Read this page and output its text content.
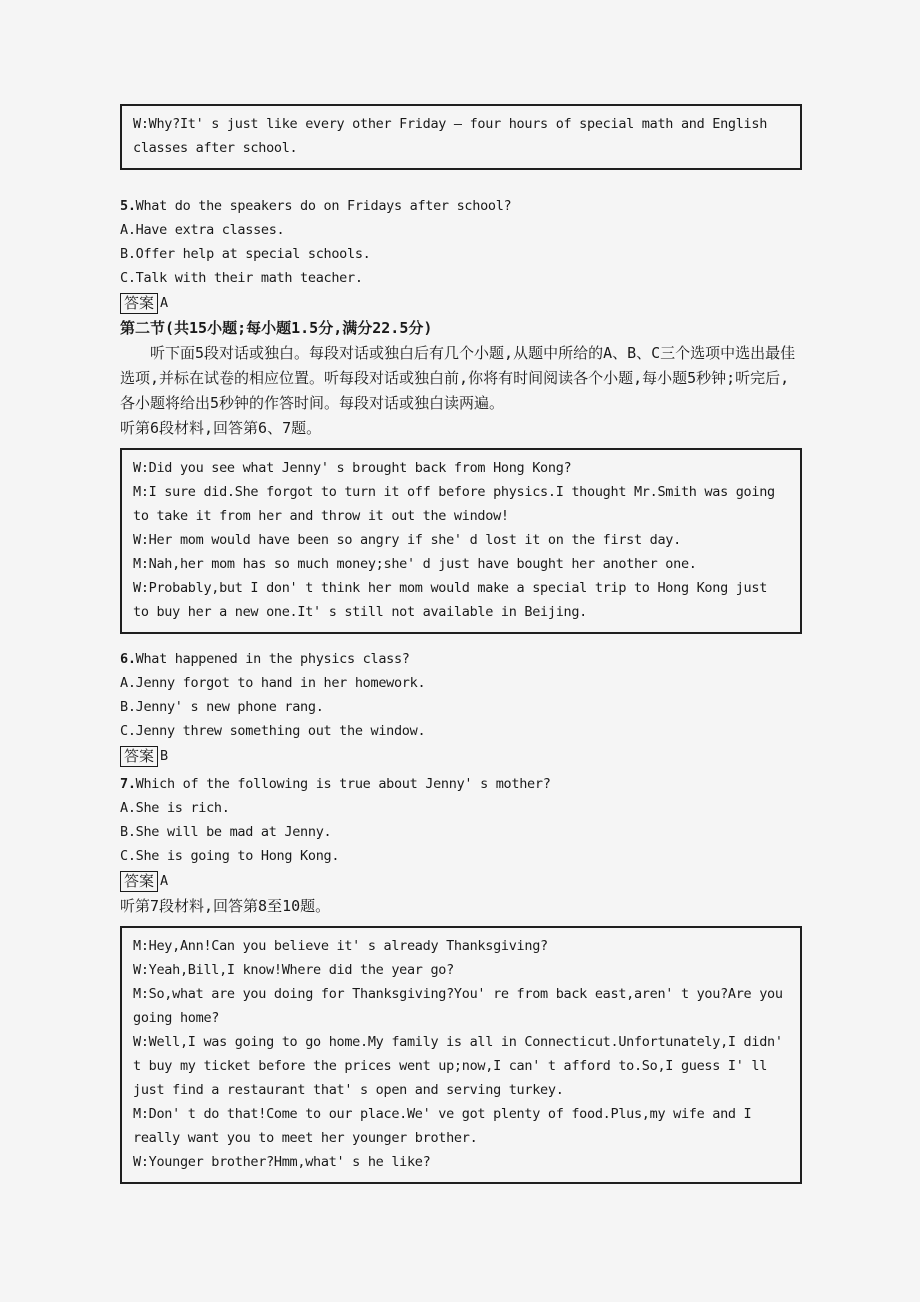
W:Why?It' s just like every other Friday — four hours of special math and English classes after school.

5.What do the speakers do on Fridays after school?

A.Have extra classes.

B.Offer help at special schools.

C.Talk with their math teacher.

答案 A

第二节(共15小题;每小题1.5分,满分22.5分)

听下面5段对话或独白。每段对话或独白后有几个小题,从题中所给的A、B、C三个选项中选出最佳选项,并标在试卷的相应位置。听每段对话或独白前,你将有时间阅读各个小题,每小题5秒钟;听完后,各小题将给出5秒钟的作答时间。每段对话或独白读两遍。

听第6段材料,回答第6、7题。

W:Did you see what Jenny' s brought back from Hong Kong?

M:I sure did.She forgot to turn it off before physics.I thought Mr.Smith was going to take it from her and throw it out the window!

W:Her mom would have been so angry if she' d lost it on the first day.

M:Nah,her mom has so much money;she' d just have bought her another one.

W:Probably,but I don' t think her mom would make a special trip to Hong Kong just to buy her a new one.It' s still not available in Beijing.

6.What happened in the physics class?

A.Jenny forgot to hand in her homework.

B.Jenny' s new phone rang.

C.Jenny threw something out the window.

答案 B

7.Which of the following is true about Jenny' s mother?

A.She is rich.

B.She will be mad at Jenny.

C.She is going to Hong Kong.

答案 A

听第7段材料,回答第8至10题。

M:Hey,Ann!Can you believe it' s already Thanksgiving?

W:Yeah,Bill,I know!Where did the year go?

M:So,what are you doing for Thanksgiving?You' re from back east,aren' t you?Are you going home?

W:Well,I was going to go home.My family is all in Connecticut.Unfortunately,I didn' t buy my ticket before the prices went up;now,I can' t afford to.So,I guess I' ll just find a restaurant that' s open and serving turkey.

M:Don' t do that!Come to our place.We' ve got plenty of food.Plus,my wife and I really want you to meet her younger brother.

W:Younger brother?Hmm,what' s he like?
